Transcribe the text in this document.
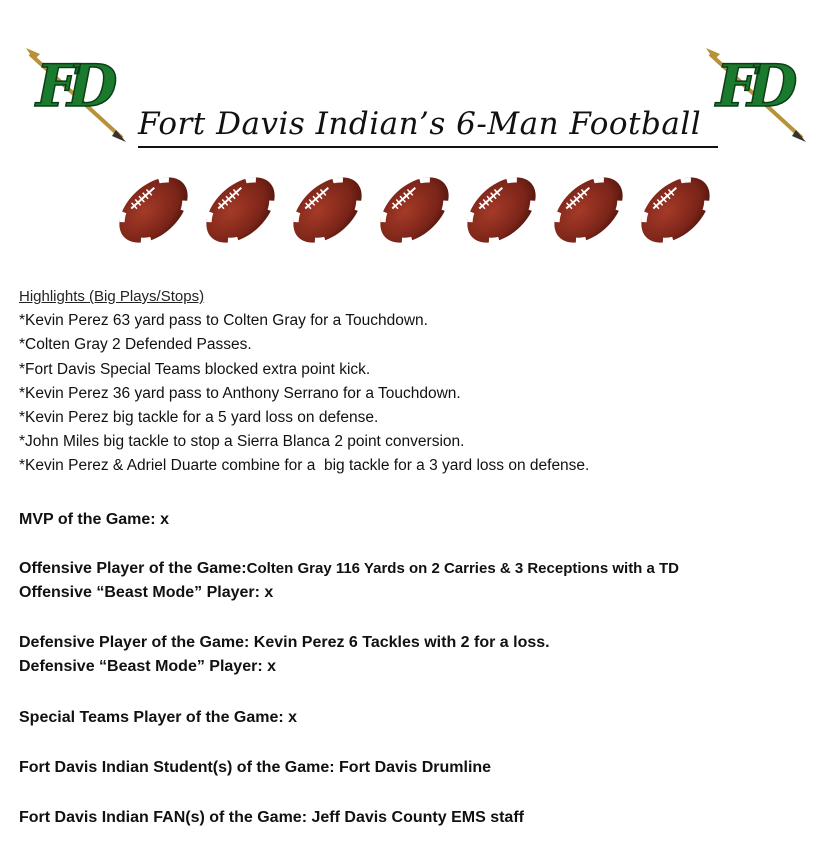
FD	FD
Fort Davis Indian’s 6-Man Football
Highlights (Big Plays/Stops)
*Kevin Perez 63 yard pass to Colten Gray for a Touchdown.
*Colten Gray 2 Defended Passes.
*Fort Davis Special Teams blocked extra point kick.
*Kevin Perez 36 yard pass to Anthony Serrano for a Touchdown.
*Kevin Perez big tackle for a 5 yard loss on defense.
*John Miles big tackle to stop a Sierra Blanca 2 point conversion.
*Kevin Perez & Adriel Duarte combine for a  big tackle for a 3 yard loss on defense.
MVP of the Game: x
Offensive Player of the Game:Colten Gray 116 Yards on 2 Carries & 3 Receptions with a TD
Offensive “Beast Mode” Player: x
Defensive Player of the Game: Kevin Perez 6 Tackles with 2 for a loss.
Defensive “Beast Mode” Player: x
Special Teams Player of the Game: x
Fort Davis Indian Student(s) of the Game: Fort Davis Drumline
Fort Davis Indian FAN(s) of the Game: Jeff Davis County EMS staff
